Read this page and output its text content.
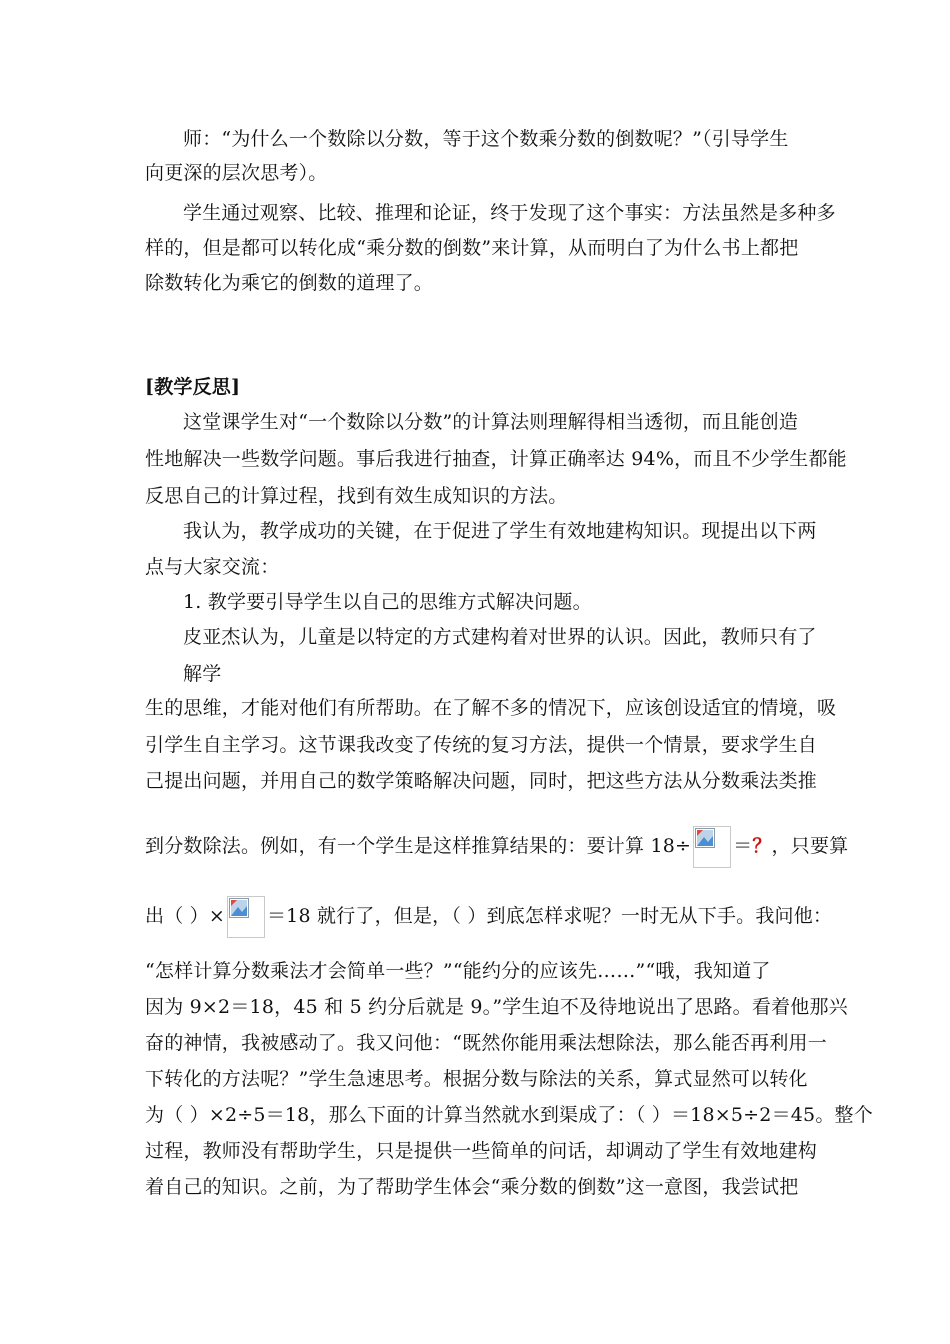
师：“为什么一个数除以分数，等于这个数乘分数的倒数呢？”（引导学生
向更深的层次思考）。
学生通过观察、比较、推理和论证，终于发现了这个事实：方法虽然是多种多
样的，但是都可以转化成“乘分数的倒数”来计算，从而明白了为什么书上都把
除数转化为乘它的倒数的道理了。
[教学反思]
这堂课学生对“一个数除以分数”的计算法则理解得相当透彻，而且能创造
性地解决一些数学问题。事后我进行抽查，计算正确率达 94%，而且不少学生都能
反思自己的计算过程，找到有效生成知识的方法。
我认为，教学成功的关键，在于促进了学生有效地建构知识。现提出以下两
点与大家交流：
1. 教学要引导学生以自己的思维方式解决问题。
皮亚杰认为，儿童是以特定的方式建构着对世界的认识。因此，教师只有了
解学
生的思维，才能对他们有所帮助。在了解不多的情况下，应该创设适宜的情境，吸
引学生自主学习。这节课我改变了传统的复习方法，提供一个情景，要求学生自
己提出问题，并用自己的数学策略解决问题，同时，把这些方法从分数乘法类推
到分数除法。例如，有一个学生是这样推算结果的：要计算 18÷ ＝？，只要算
出（ ）× ＝18 就行了，但是，（ ）到底怎样求呢？一时无从下手。我问他：
“怎样计算分数乘法才会简单一些？”“能约分的应该先……”“哦，我知道了
因为 9×2＝18，45 和 5 约分后就是 9。”学生迫不及待地说出了思路。看着他那兴
奋的神情，我被感动了。我又问他：“既然你能用乘法想除法，那么能否再利用一
下转化的方法呢？”学生急速思考。根据分数与除法的关系，算式显然可以转化
为（ ）×2÷5＝18，那么下面的计算当然就水到渠成了：（ ）＝18×5÷2＝45。整个
过程，教师没有帮助学生，只是提供一些简单的问话，却调动了学生有效地建构
着自己的知识。之前，为了帮助学生体会“乘分数的倒数”这一意图，我尝试把
